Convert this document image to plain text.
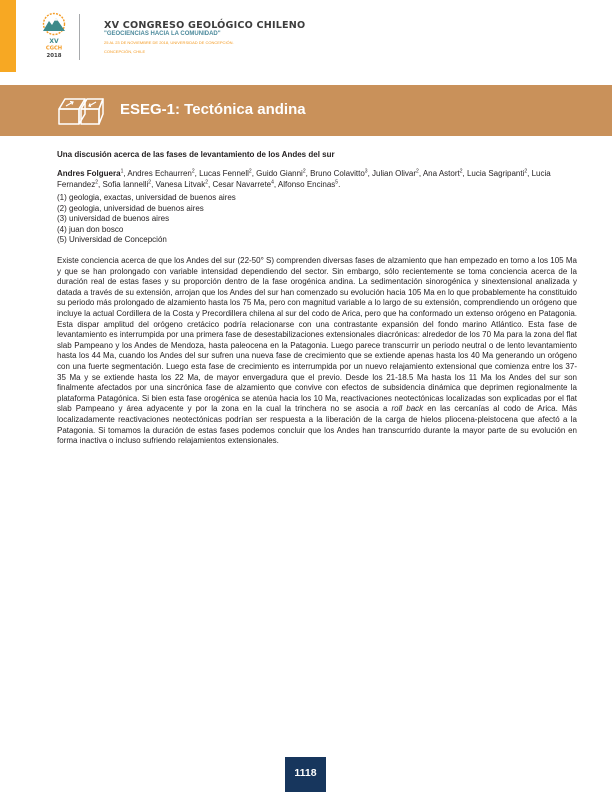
XV
CGCH
2018

XV CONGRESO GEOLÓGICO CHILENO

"GEOCIENCIAS HACIA LA COMUNIDAD"

25 AL 23 DE NOVIEMBRE DE 2018, UNIVERSIDAD DE CONCEPCIÓN.

CONCEPCIÓN, CHILE

ESEG-1: Tectónica andina

Una discusión acerca de las fases de levantamiento de los Andes del sur

Andres Folguera$^1$, Andres Echaurren$^2$, Lucas Fennell$^2$, Guido Gianni$^2$, Bruno Colavitto$^3$, Julian Olivar$^2$, Ana Astort$^2$, Lucia Sagripanti$^2$, Lucia Fernandez$^2$, Sofia Iannelli$^2$, Vanesa Litvak$^2$, Cesar Navarrete$^4$, Alfonso Encinas$^5$.

(1) geologia, exactas, universidad de buenos aires
(2) geologia, universidad de buenos aires
(3) universidad de buenos aires
(4) juan don bosco
(5) Universidad de Concepción

Existe conciencia acerca de que los Andes del sur (22-50° S) comprenden diversas fases de alzamiento que han empezado en torno a los 105 Ma y que se han prolongado con variable intensidad dependiendo del sector. Sin embargo, sólo recientemente se toma conciencia acerca de la duración real de estas fases y su proporción dentro de la fase orogénica andina. La sedimentación sinorogénica y sinextensional analizada y datada a través de su extensión, arrojan que los Andes del sur han comenzado su evolución hacia 105 Ma en lo que probablemente ha constituido su periodo más prolongado de alzamiento hasta los 75 Ma, pero con magnitud variable a lo largo de su extensión, comprendiendo un orógeno que incluye la actual Cordillera de la Costa y Precordillera chilena al sur del codo de Arica, pero que ha conformado un extenso orógeno en Patagonia. Esta dispar amplitud del orógeno cretácico podría relacionarse con una contrastante expansión del fondo marino Atlántico. Esta fase de levantamiento es interrumpida por una primera fase de desestabilizaciones extensionales diacrónicas: alrededor de los 70 Ma para la zona del flat slab Pampeano y los Andes de Mendoza, hasta paleocena en la Patagonia. Luego parece transcurrir un periodo neutral o de lento levantamiento hasta los 44 Ma, cuando los Andes del sur sufren una nueva fase de crecimiento que se extiende apenas hasta los 40 Ma generando un orógeno con una fuerte segmentación. Luego esta fase de crecimiento es interrumpida por un nuevo relajamiento extensional que comienza entre los 37-35 Ma y se extiende hasta los 22 Ma, de mayor envergadura que el previo. Desde los 21-18.5 Ma hasta los 11 Ma los Andes del sur son finalmente afectados por una sincrónica fase de alzamiento que convive con efectos de subsidencia dinámica que deprimen regionalmente la plataforma Patagónica. Si bien esta fase orogénica se atenúa hacia los 10 Ma, reactivaciones neotectónicas localizadas son explicadas por el flat slab Pampeano y área adyacente y por la zona en la cual la trinchera no se asocia a roll back en las cercanías al codo de Arica. Más localizadamente reactivaciones neotectónicas podrían ser respuesta a la liberación de la carga de hielos pliocena-pleistocena que afectó a la Patagonia. Si tomamos la duración de estas fases podemos concluir que los Andes han transcurrido durante la mayor parte de su evolución en forma inactiva o incluso sufriendo relajamientos extensionales.

1118
